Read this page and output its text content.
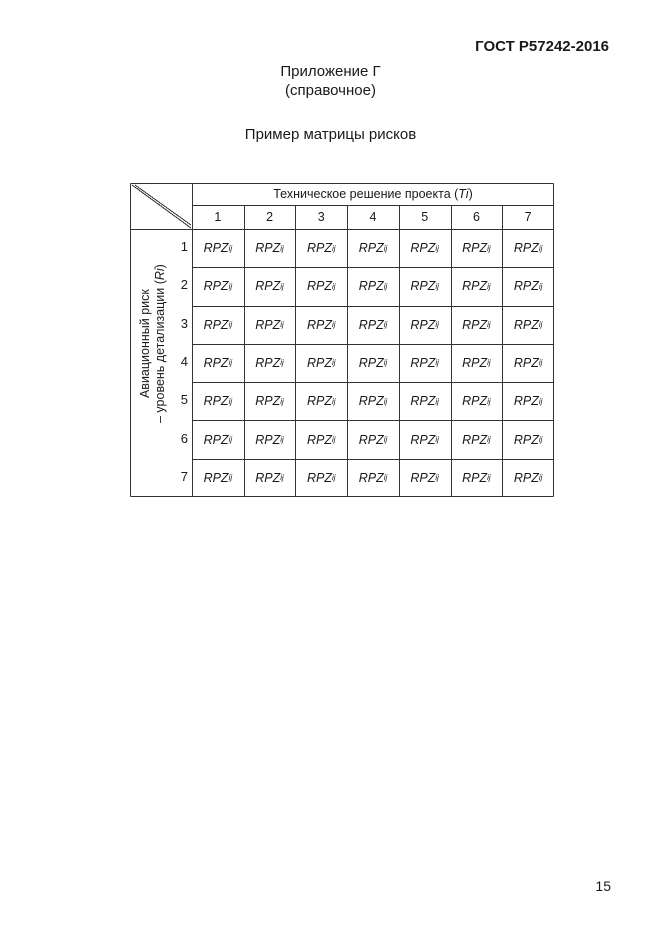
ГОСТ Р57242-2016
Приложение Г
(справочное)
Пример матрицы рисков
Техническое решение проекта ( Ti )
Авиационный риск – уровень детализации (Ri)
1	2	3	4	5	6	7
1 RPZ ij RPZ ij RPZ ij RPZ ij RPZ ij RPZ ij RPZ ij
2 RPZ ij RPZ ij RPZ ij RPZ ij RPZ ij RPZ ij RPZ ij
3 RPZ ij RPZ ij RPZ ij RPZ ij RPZ ij RPZ ij RPZ ij
4 RPZ ij RPZ ij RPZ ij RPZ ij RPZ ij RPZ ij RPZ ij
5 RPZ ij RPZ ij RPZ ij RPZ ij RPZ ij RPZ ij RPZ ij
6 RPZ ij RPZ ij RPZ ij RPZ ij RPZ ij RPZ ij RPZ ij
7 RPZ ij RPZ ij RPZ ij RPZ ij RPZ ij RPZ ij RPZ ij
15
